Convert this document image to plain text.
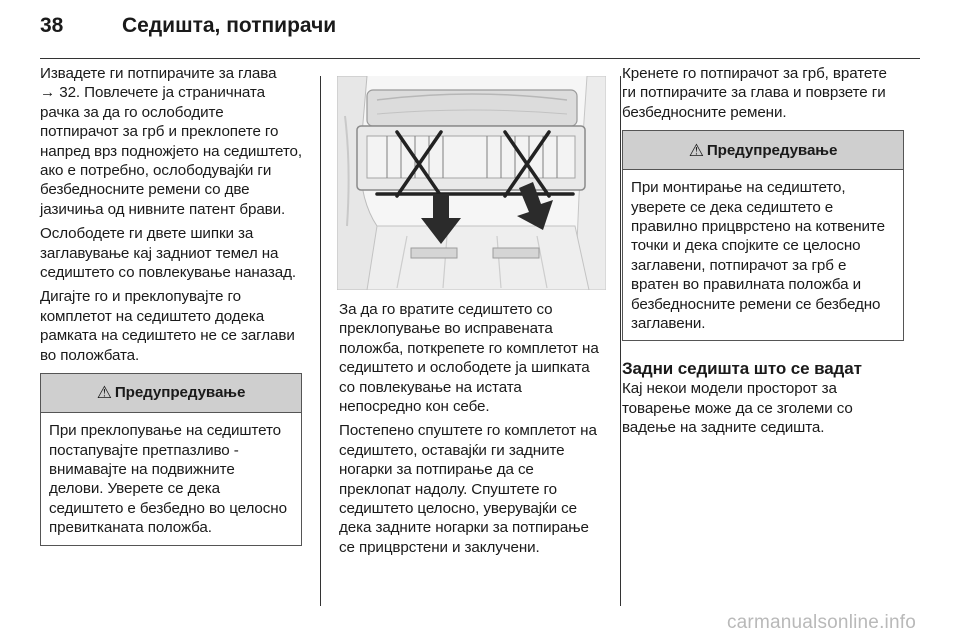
38	Седишта, потпирачи

Извадете ги потпирачите за глава
→ 32. Повлечете ја страничната рачка за да го ослободите потпирачот за грб и преклопете го напред врз подножјето на седиштето, ако е потребно, ослободувајќи ги безбедносните ремени со две јазичиња од нивните патент брави.

Ослободете ги двете шипки за заглавување кај задниот темел на седиштето со повлекување наназад.

Дигајте го и преклопувајте го комплетот на седиштето додека рамката на седиштето не се заглави во положбата.

⚠ Предупредување
При преклопување на седиштето постапувајте претпазливо - внимавајте на подвижните делови. Уверете се дека седиштето е безбедно во целосно превитканата положба.

За да го вратите седиштето со преклопување во исправената положба, поткрепете го комплетот на седиштето и ослободете ја шипката со повлекување на истата непосредно кон себе.

Постепено спуштете го комплетот на седиштето, оставајќи ги задните ногарки за потпирање да се преклопат надолу. Спуштете го седиштето целосно, уверувајќи се дека задните ногарки за потпирање се прицврстени и заклучени.

Кренете го потпирачот за грб, вратете ги потпирачите за глава и поврзете ги безбедносните ремени.

⚠ Предупредување
При монтирање на седиштето, уверете се дека седиштето е правилно прицврстено на котвените точки и дека спојките се целосно заглавени, потпирачот за грб е вратен во правилната положба и безбедносните ремени се безбедно заглавени.
Задни седишта што се вадат

Кај некои модели просторот за товарење може да се зголеми со вадење на задните седишта.

carmanualsonline.info
